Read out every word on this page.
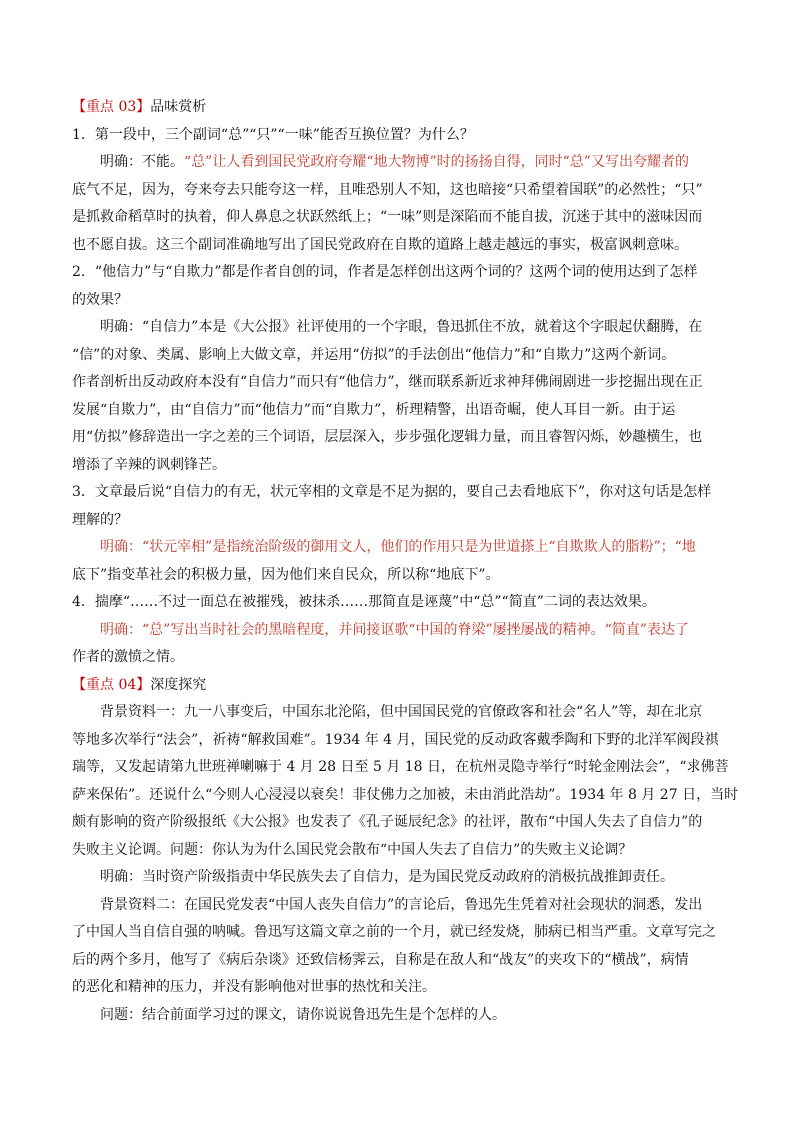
【重点 03】品味赏析

1．第一段中，三个副词“总”“只”“一味”能否互换位置？为什么？

明确：不能。“总”让人看到国民党政府夸耀“地大物博”时的扬扬自得，同时“总”又写出夸耀者的

底气不足，因为，夸来夸去只能夸这一样，且唯恐别人不知，这也暗接“只希望着国联”的必然性；“只”

是抓救命稻草时的执着，仰人鼻息之状跃然纸上；“一味”则是深陷而不能自拔，沉迷于其中的滋味因而

也不愿自拔。这三个副词准确地写出了国民党政府在自欺的道路上越走越远的事实，极富讽刺意味。

2．“他信力”与“自欺力”都是作者自创的词，作者是怎样创出这两个词的？这两个词的使用达到了怎样

的效果？

明确：“自信力”本是《大公报》社评使用的一个字眼，鲁迅抓住不放，就着这个字眼起伏翻腾，在

“信”的对象、类属、影响上大做文章，并运用“仿拟”的手法创出“他信力”和“自欺力”这两个新词。

作者剖析出反动政府本没有“自信力”而只有“他信力”，继而联系新近求神拜佛闹剧进一步挖掘出现在正

发展“自欺力”，由“自信力”而“他信力”而“自欺力”，析理精警，出语奇崛，使人耳目一新。由于运

用“仿拟”修辞造出一字之差的三个词语，层层深入，步步强化逻辑力量，而且睿智闪烁，妙趣横生，也

增添了辛辣的讽刺锋芒。

3．文章最后说“自信力的有无，状元宰相的文章是不足为据的，要自己去看地底下”，你对这句话是怎样

理解的？

明确：“状元宰相”是指统治阶级的御用文人，他们的作用只是为世道搽上“自欺欺人的脂粉”；“地

底下”指变革社会的积极力量，因为他们来自民众，所以称“地底下”。

4．揣摩“……不过一面总在被摧残，被抹杀……那简直是诬蔑”中“总”“简直”二词的表达效果。

明确：“总”写出当时社会的黑暗程度，并间接讴歌“中国的脊梁”屡挫屡战的精神。“简直”表达了

作者的激愤之情。

【重点 04】深度探究

背景资料一：九一八事变后，中国东北沦陷，但中国国民党的官僚政客和社会“名人”等，却在北京

等地多次举行“法会”，祈祷“解救国难”。1934 年 4 月，国民党的反动政客戴季陶和下野的北洋军阀段祺

瑞等，又发起请第九世班禅喇嘛于 4 月 28 日至 5 月 18 日，在杭州灵隐寺举行“时轮金刚法会”，“求佛菩

萨来保佑”。还说什么“今则人心浸浸以衰矣！非仗佛力之加被，未由消此浩劫”。1934 年 8 月 27 日，当时

颇有影响的资产阶级报纸《大公报》也发表了《孔子诞辰纪念》的社评，散布“中国人失去了自信力”的

失败主义论调。问题：你认为为什么国民党会散布“中国人失去了自信力”的失败主义论调？

明确：当时资产阶级指责中华民族失去了自信力，是为国民党反动政府的消极抗战推卸责任。

背景资料二：在国民党发表“中国人丧失自信力”的言论后，鲁迅先生凭着对社会现状的洞悉，发出

了中国人当自信自强的呐喊。鲁迅写这篇文章之前的一个月，就已经发烧，肺病已相当严重。文章写完之

后的两个多月，他写了《病后杂谈》还致信杨霁云，自称是在敌人和“战友”的夹攻下的“横战”，病情

的恶化和精神的压力，并没有影响他对世事的热忱和关注。

问题：结合前面学习过的课文，请你说说鲁迅先生是个怎样的人。
